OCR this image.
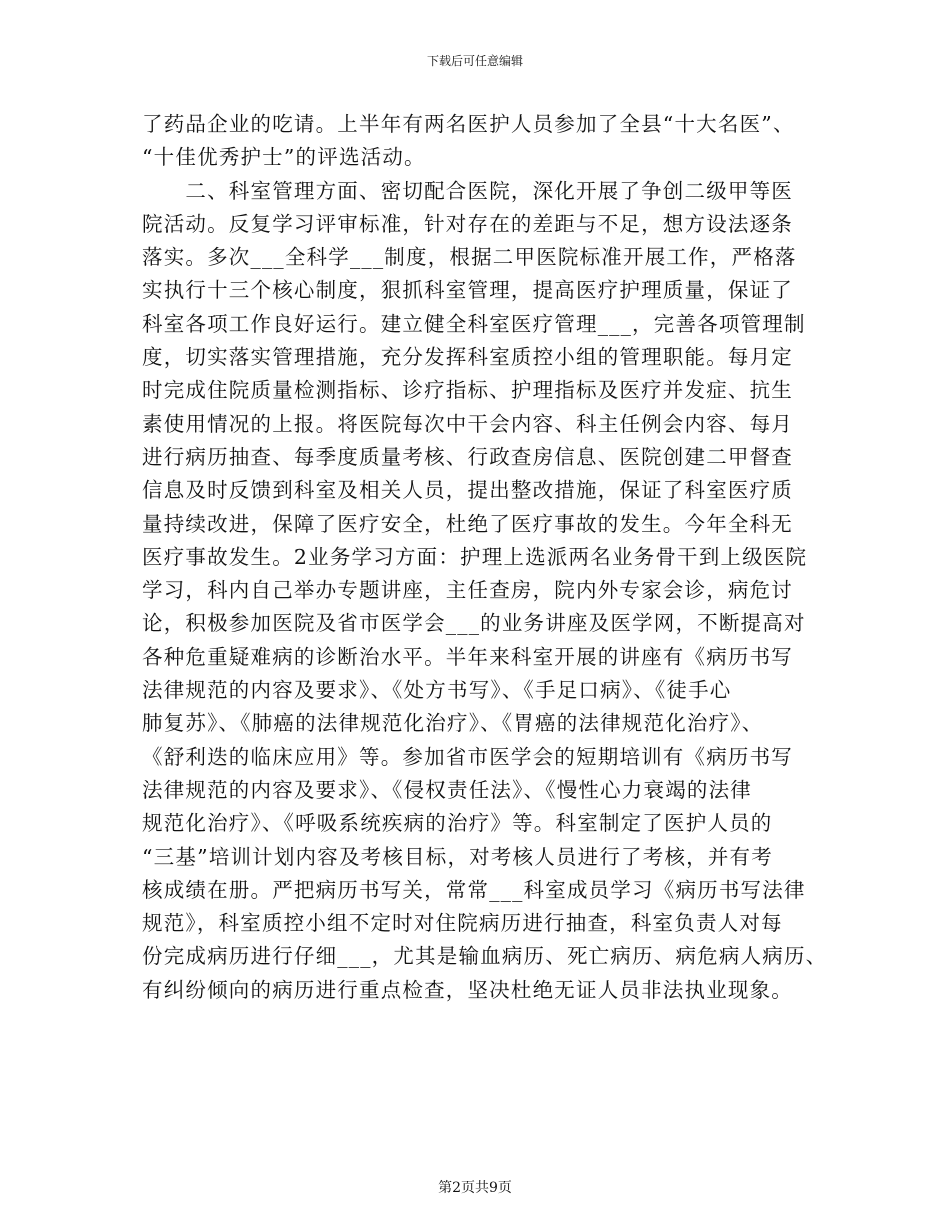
下载后可任意编辑
了药品企业的吃请。上半年有两名医护人员参加了全县“十大名医”、
“十佳优秀护士”的评选活动。
　　二、科室管理方面、密切配合医院，深化开展了争创二级甲等医
院活动。反复学习评审标准，针对存在的差距与不足，想方设法逐条
落实。多次___全科学___制度，根据二甲医院标准开展工作，严格落
实执行十三个核心制度，狠抓科室管理，提高医疗护理质量，保证了
科室各项工作良好运行。建立健全科室医疗管理___，完善各项管理制
度，切实落实管理措施，充分发挥科室质控小组的管理职能。每月定
时完成住院质量检测指标、诊疗指标、护理指标及医疗并发症、抗生
素使用情况的上报。将医院每次中干会内容、科主任例会内容、每月
进行病历抽查、每季度质量考核、行政查房信息、医院创建二甲督查
信息及时反馈到科室及相关人员，提出整改措施，保证了科室医疗质
量持续改进，保障了医疗安全，杜绝了医疗事故的发生。今年全科无
医疗事故发生。2业务学习方面：护理上选派两名业务骨干到上级医院
学习，科内自己举办专题讲座，主任查房，院内外专家会诊，病危讨
论，积极参加医院及省市医学会___的业务讲座及医学网，不断提高对
各种危重疑难病的诊断治水平。半年来科室开展的讲座有《病历书写
法律规范的内容及要求》、《处方书写》、《手足口病》、《徒手心
肺复苏》、《肺癌的法律规范化治疗》、《胃癌的法律规范化治疗》、
《舒利迭的临床应用》等。参加省市医学会的短期培训有《病历书写
法律规范的内容及要求》、《侵权责任法》、《慢性心力衰竭的法律
规范化治疗》、《呼吸系统疾病的治疗》等。科室制定了医护人员的
“三基”培训计划内容及考核目标，对考核人员进行了考核，并有考
核成绩在册。严把病历书写关，常常___科室成员学习《病历书写法律
规范》，科室质控小组不定时对住院病历进行抽查，科室负责人对每
份完成病历进行仔细___，尤其是输血病历、死亡病历、病危病人病历、
有纠纷倾向的病历进行重点检查，坚决杜绝无证人员非法执业现象。
第2页共9页
